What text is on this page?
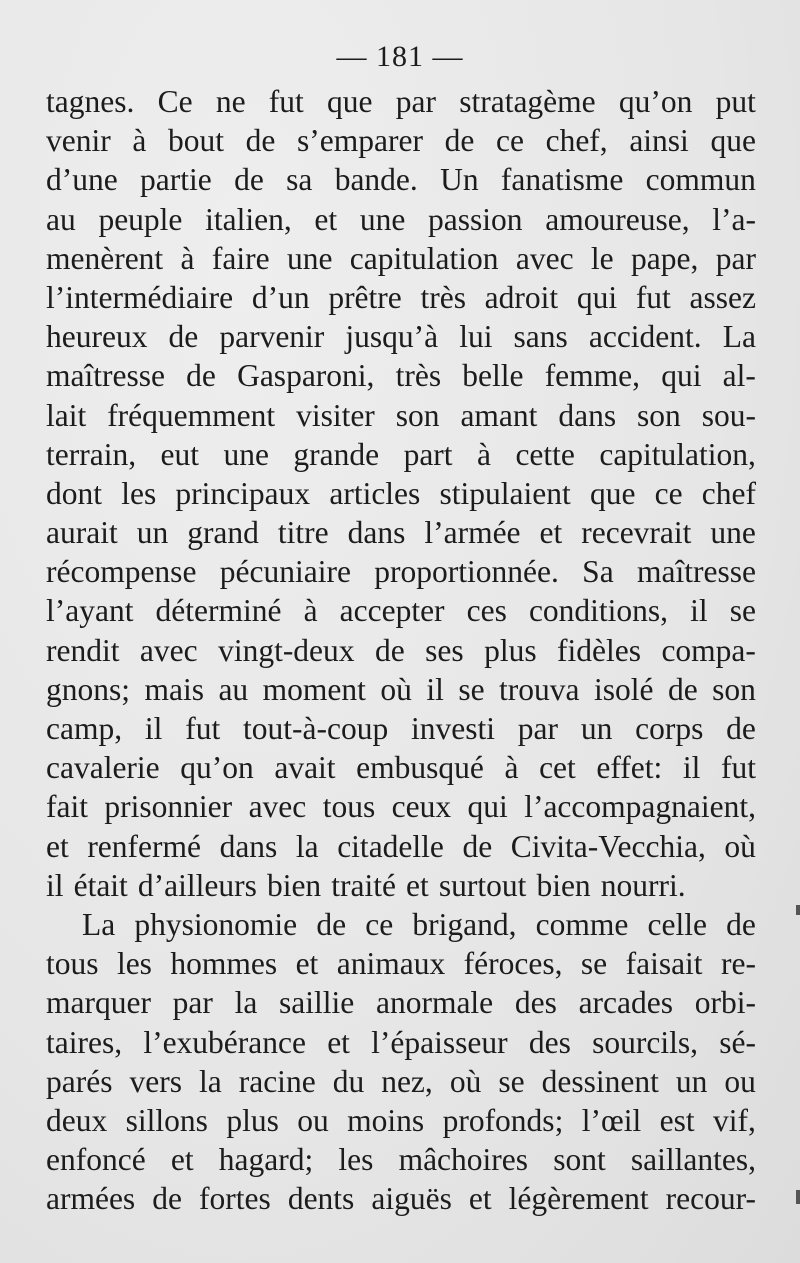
— 181 —
tagnes. Ce ne fut que par stratagème qu’on put
venir à bout de s’emparer de ce chef, ainsi que
d’une partie de sa bande. Un fanatisme commun
au peuple italien, et une passion amoureuse, l’a-
menèrent à faire une capitulation avec le pape, par
l’intermédiaire d’un prêtre très adroit qui fut assez
heureux de parvenir jusqu’à lui sans accident. La
maîtresse de Gasparoni, très belle femme, qui al-
lait fréquemment visiter son amant dans son sou-
terrain, eut une grande part à cette capitulation,
dont les principaux articles stipulaient que ce chef
aurait un grand titre dans l’armée et recevrait une
récompense pécuniaire proportionnée. Sa maîtresse
l’ayant déterminé à accepter ces conditions, il se
rendit avec vingt-deux de ses plus fidèles compa-
gnons; mais au moment où il se trouva isolé de son
camp, il fut tout-à-coup investi par un corps de
cavalerie qu’on avait embusqué à cet effet: il fut
fait prisonnier avec tous ceux qui l’accompagnaient,
et renfermé dans la citadelle de Civita-Vecchia, où
il était d’ailleurs bien traité et surtout bien nourri.
La physionomie de ce brigand, comme celle de
tous les hommes et animaux féroces, se faisait re-
marquer par la saillie anormale des arcades orbi-
taires, l’exubérance et l’épaisseur des sourcils, sé-
parés vers la racine du nez, où se dessinent un ou
deux sillons plus ou moins profonds; l’œil est vif,
enfoncé et hagard; les mâchoires sont saillantes,
armées de fortes dents aiguës et légèrement recour-
